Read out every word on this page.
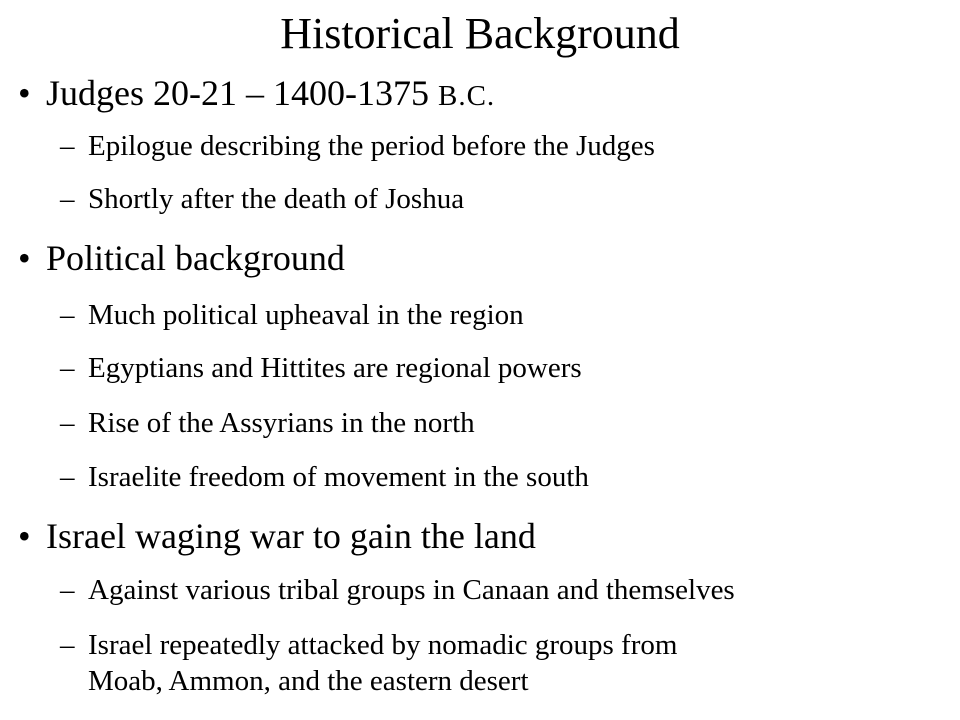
Historical Background
• Judges 20-21 – 1400-1375 B.C.
– Epilogue describing the period before the Judges
– Shortly after the death of Joshua
• Political background
– Much political upheaval in the region
– Egyptians and Hittites are regional powers
– Rise of the Assyrians in the north
– Israelite freedom of movement in the south
• Israel waging war to gain the land
– Against various tribal groups in Canaan and themselves
– Israel repeatedly attacked by nomadic groups from
Moab, Ammon, and the eastern desert
